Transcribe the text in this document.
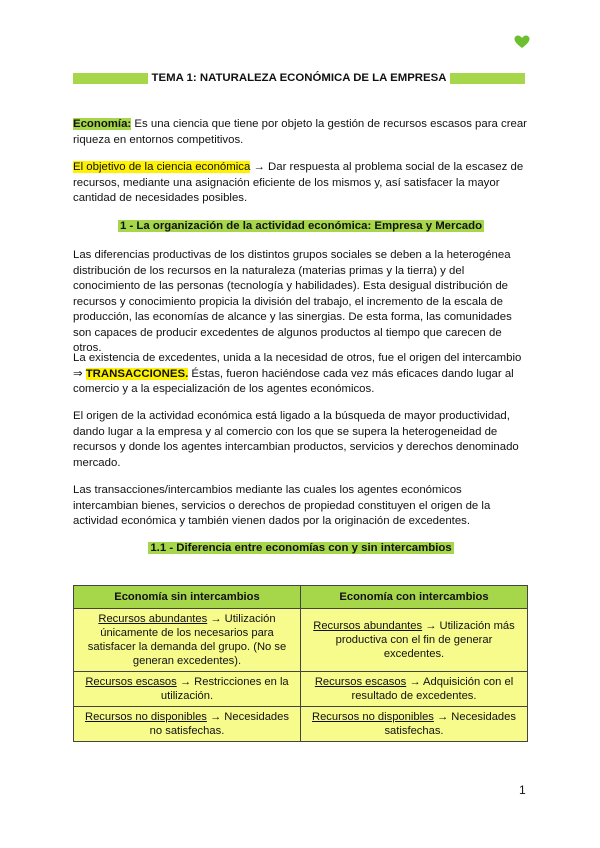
TEMA 1: NATURALEZA ECONÓMICA DE LA EMPRESA
Economía: Es una ciencia que tiene por objeto la gestión de recursos escasos para crear riqueza en entornos competitivos.
El objetivo de la ciencia económica → Dar respuesta al problema social de la escasez de recursos, mediante una asignación eficiente de los mismos y, así satisfacer la mayor cantidad de necesidades posibles.
1 - La organización de la actividad económica: Empresa y Mercado
Las diferencias productivas de los distintos grupos sociales se deben a la heterogénea distribución de los recursos en la naturaleza (materias primas y la tierra) y del conocimiento de las personas (tecnología y habilidades). Esta desigual distribución de recursos y conocimiento propicia la división del trabajo, el incremento de la escala de producción, las economías de alcance y las sinergias. De esta forma, las comunidades son capaces de producir excedentes de algunos productos al tiempo que carecen de otros.
La existencia de excedentes, unida a la necesidad de otros, fue el origen del intercambio ⇒ TRANSACCIONES. Éstas, fueron haciéndose cada vez más eficaces dando lugar al comercio y a la especialización de los agentes económicos.
El origen de la actividad económica está ligado a la búsqueda de mayor productividad, dando lugar a la empresa y al comercio con los que se supera la heterogeneidad de recursos y donde los agentes intercambian productos, servicios y derechos denominado mercado.
Las transacciones/intercambios mediante las cuales los agentes económicos intercambian bienes, servicios o derechos de propiedad constituyen el origen de la actividad económica y también vienen dados por la originación de excedentes.
1.1 - Diferencia entre economías con y sin intercambios
Economía sin intercambios	Economía con intercambios
Recursos abundantes → Utilización únicamente de los necesarios para satisfacer la demanda del grupo. (No se generan excedentes).	Recursos abundantes → Utilización más productiva con el fin de generar excedentes.
Recursos escasos → Restricciones en la utilización.	Recursos escasos → Adquisición con el resultado de excedentes.
Recursos no disponibles → Necesidades no satisfechas.	Recursos no disponibles → Necesidades satisfechas.
1
